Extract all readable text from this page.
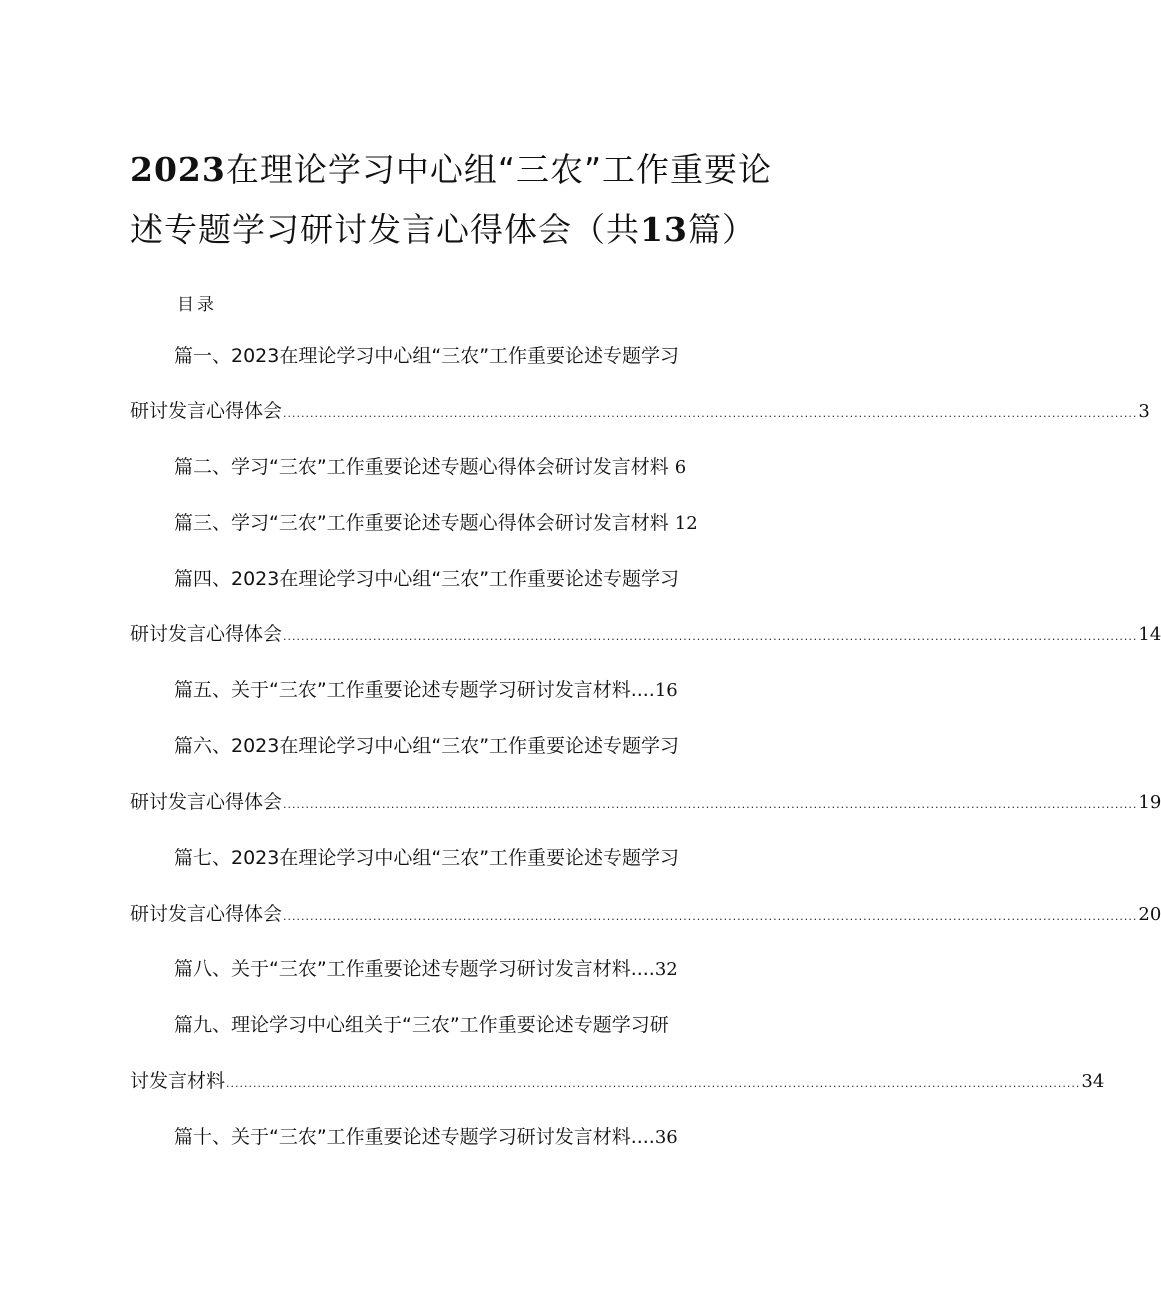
2023在理论学习中心组“三农”工作重要论
述专题学习研讨发言心得体会（共13篇）
目录
篇一、2023在理论学习中心组“三农”工作重要论述专题学习
研讨发言心得体会 .............................................................................................................................................................................................. 3
篇二、学习“三农”工作重要论述专题心得体会研讨发言材料 6
篇三、学习“三农”工作重要论述专题心得体会研讨发言材料 12
篇四、2023在理论学习中心组“三农”工作重要论述专题学习
研讨发言心得体会 .............................................................................................................................................................................................. 14
篇五、关于“三农”工作重要论述专题学习研讨发言材料....16
篇六、2023在理论学习中心组“三农”工作重要论述专题学习
研讨发言心得体会 .............................................................................................................................................................................................. 19
篇七、2023在理论学习中心组“三农”工作重要论述专题学习
研讨发言心得体会 .............................................................................................................................................................................................. 20
篇八、关于“三农”工作重要论述专题学习研讨发言材料....32
篇九、理论学习中心组关于“三农”工作重要论述专题学习研
讨发言材料 .............................................................................................................................................................................................. 34
篇十、关于“三农”工作重要论述专题学习研讨发言材料....36
